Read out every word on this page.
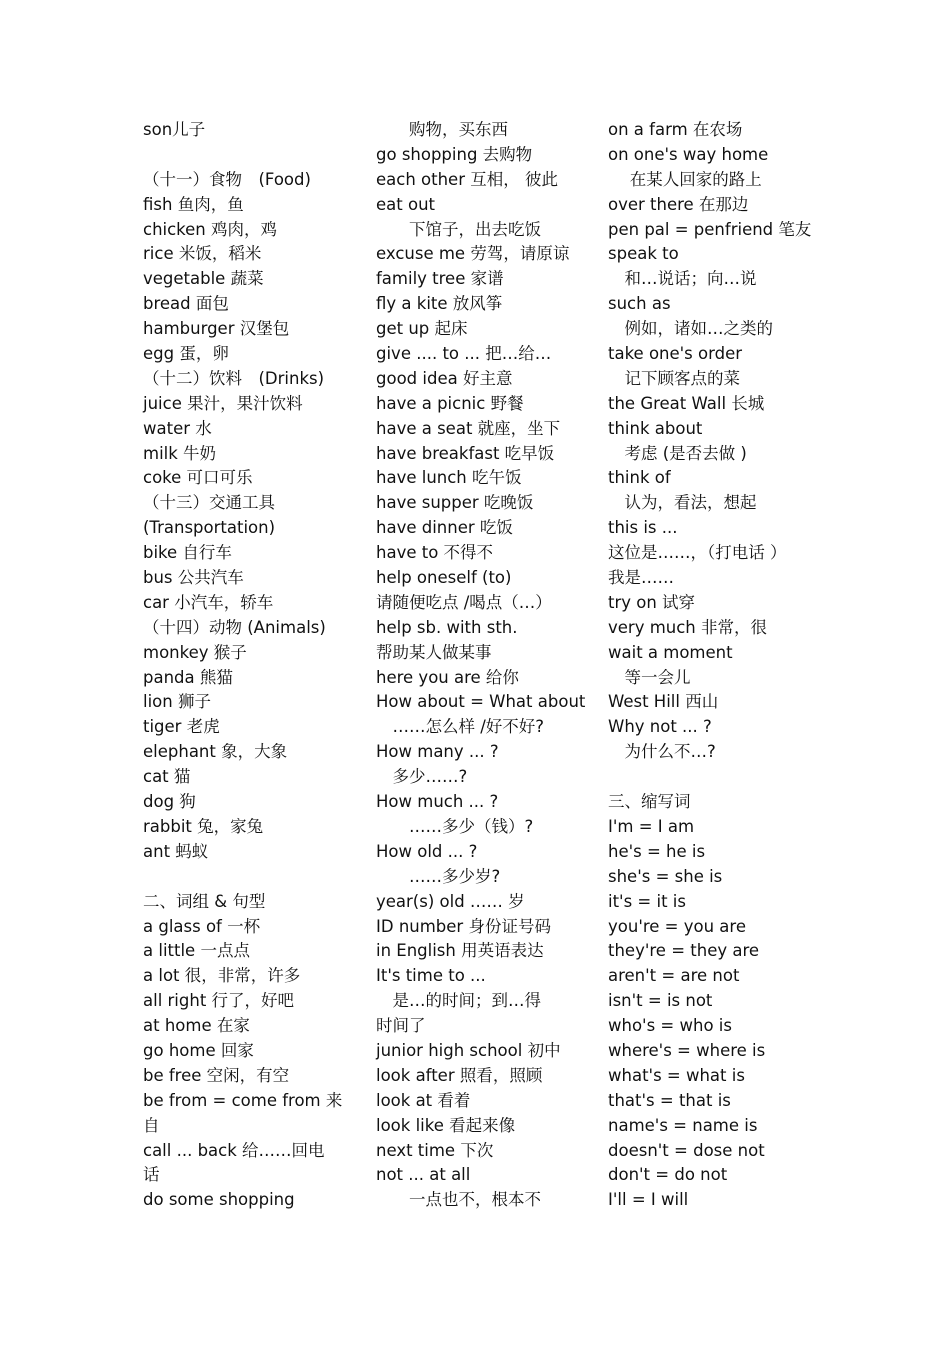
son儿子
（十一）食物　(Food)
fish 鱼肉，鱼
chicken 鸡肉，鸡
rice 米饭，稻米
vegetable 蔬菜
bread 面包
hamburger 汉堡包
egg 蛋，卵
（十二）饮料　(Drinks)
juice 果汁，果汁饮料
water 水
milk 牛奶
coke 可口可乐
（十三）交通工具
(Transportation)
bike 自行车
bus 公共汽车
car 小汽车，轿车
（十四）动物 (Animals)
monkey 猴子
panda 熊猫
lion 狮子
tiger 老虎
elephant 象，大象
cat 猫
dog 狗
rabbit 兔，家兔
ant 蚂蚁
二、词组 & 句型
a glass of 一杯
a little 一点点
a lot 很，非常，许多
all right 行了，好吧
at home 在家
go home 回家
be free 空闲，有空
be from = come from 来
自
call ... back 给……回电
话
do some shopping
　　购物，买东西
go shopping 去购物
each other 互相， 彼此
eat out
　　下馆子，出去吃饭
excuse me 劳驾，请原谅
family tree 家谱
fly a kite 放风筝
get up 起床
give .... to ... 把…给…
good idea 好主意
have a picnic 野餐
have a seat 就座，坐下
have breakfast 吃早饭
have lunch 吃午饭
have supper 吃晚饭
have dinner 吃饭
have to 不得不
help oneself (to)
请随便吃点 /喝点（…）
help sb. with sth.
帮助某人做某事
here you are 给你
How about = What about
　……怎么样 /好不好?
How many ... ?
　多少……?
How much ... ?
　　……多少（钱）?
How old ... ?
　　……多少岁?
year(s) old …… 岁
ID number 身份证号码
in English 用英语表达
It's time to ...
　是…的时间；到…得
时间了
junior high school 初中
look after 照看，照顾
look at 看着
look like 看起来像
next time 下次
not ... at all
　　一点也不，根本不
on a farm 在农场
on one's way home
　 在某人回家的路上
over there 在那边
pen pal = penfriend 笔友
speak to
　和…说话；向…说
such as
　例如，诸如…之类的
take one's order
　记下顾客点的菜
the Great Wall 长城
think about
　考虑 (是否去做 )
think of
　认为，看法，想起
this is ...
这位是……，（打电话 ）
我是……
try on 试穿
very much 非常，很
wait a moment
　等一会儿
West Hill 西山
Why not ... ?
　为什么不…?
三、缩写词
I'm = I am
he's = he is
she's = she is
it's = it is
you're = you are
they're = they are
aren't = are not
isn't = is not
who's = who is
where's = where is
what's = what is
that's = that is
name's = name is
doesn't = dose not
don't = do not
I'll = I will
